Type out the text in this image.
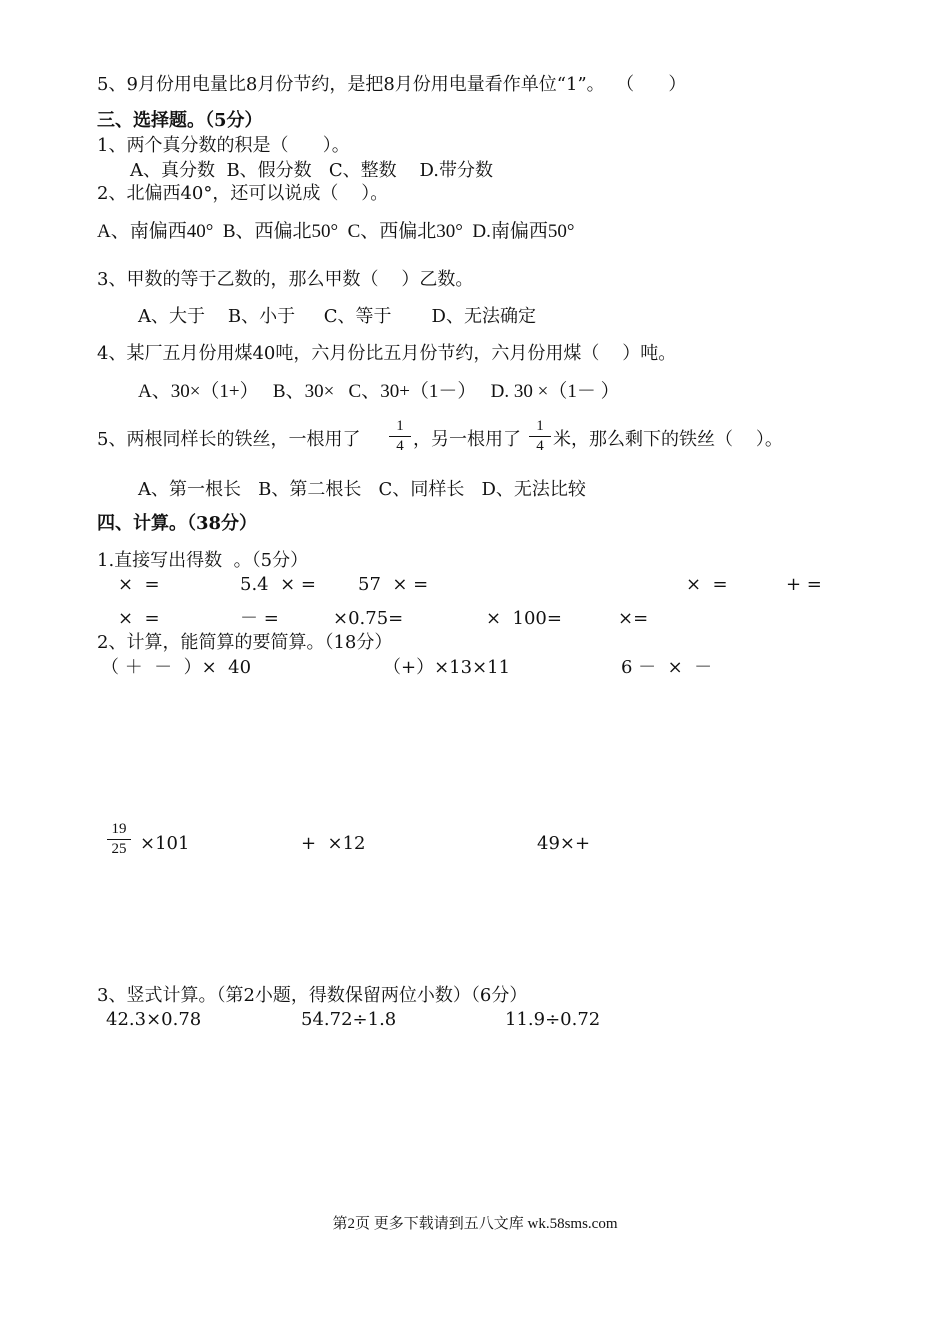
5、9月份用电量比8月份节约，是把8月份用电量看作单位“1”。  （      ）
三、选择题。（5分）
1、两个真分数的积是（      ）。
A、真分数  B、假分数   C、整数    D.带分数
2、北偏西40°，还可以说成（    ）。
A、南偏西40°  B、西偏北50°  C、西偏北30°  D.南偏西50°
3、甲数的等于乙数的，那么甲数（    ）乙数。
A、大于    B、小于     C、等于       D、无法确定
4、某厂五月份用煤40吨，六月份比五月份节约，六月份用煤（    ）吨。
A、30×（1+）   B、30×   C、30+（1－）   D. 30 ×（1－ ）
5、两根同样长的铁丝，一根用了
1
4 ，另一根用了
1
4 米，那么剩下的铁丝（    ）。
A、第一根长   B、第二根长   C、同样长   D、无法比较
四、计算。（38分）
1.直接写出得数  。（5分）
×  =	5.4  × = 57  × =	×  =	+ =
×  =	－ =	×0.75=	×  100=	×=
2、计算，能简算的要简算。（18分）
（ ＋  －  ）×  40	（+）×13×11	6 －  ×  －
19
25 ×101	+  ×12	49×+
3、竖式计算。（第2小题，得数保留两位小数）（6分）
42.3×0.78	54.72÷1.8	11.9÷0.72
第2页 更多下载请到五八文库 wk.58sms.com
